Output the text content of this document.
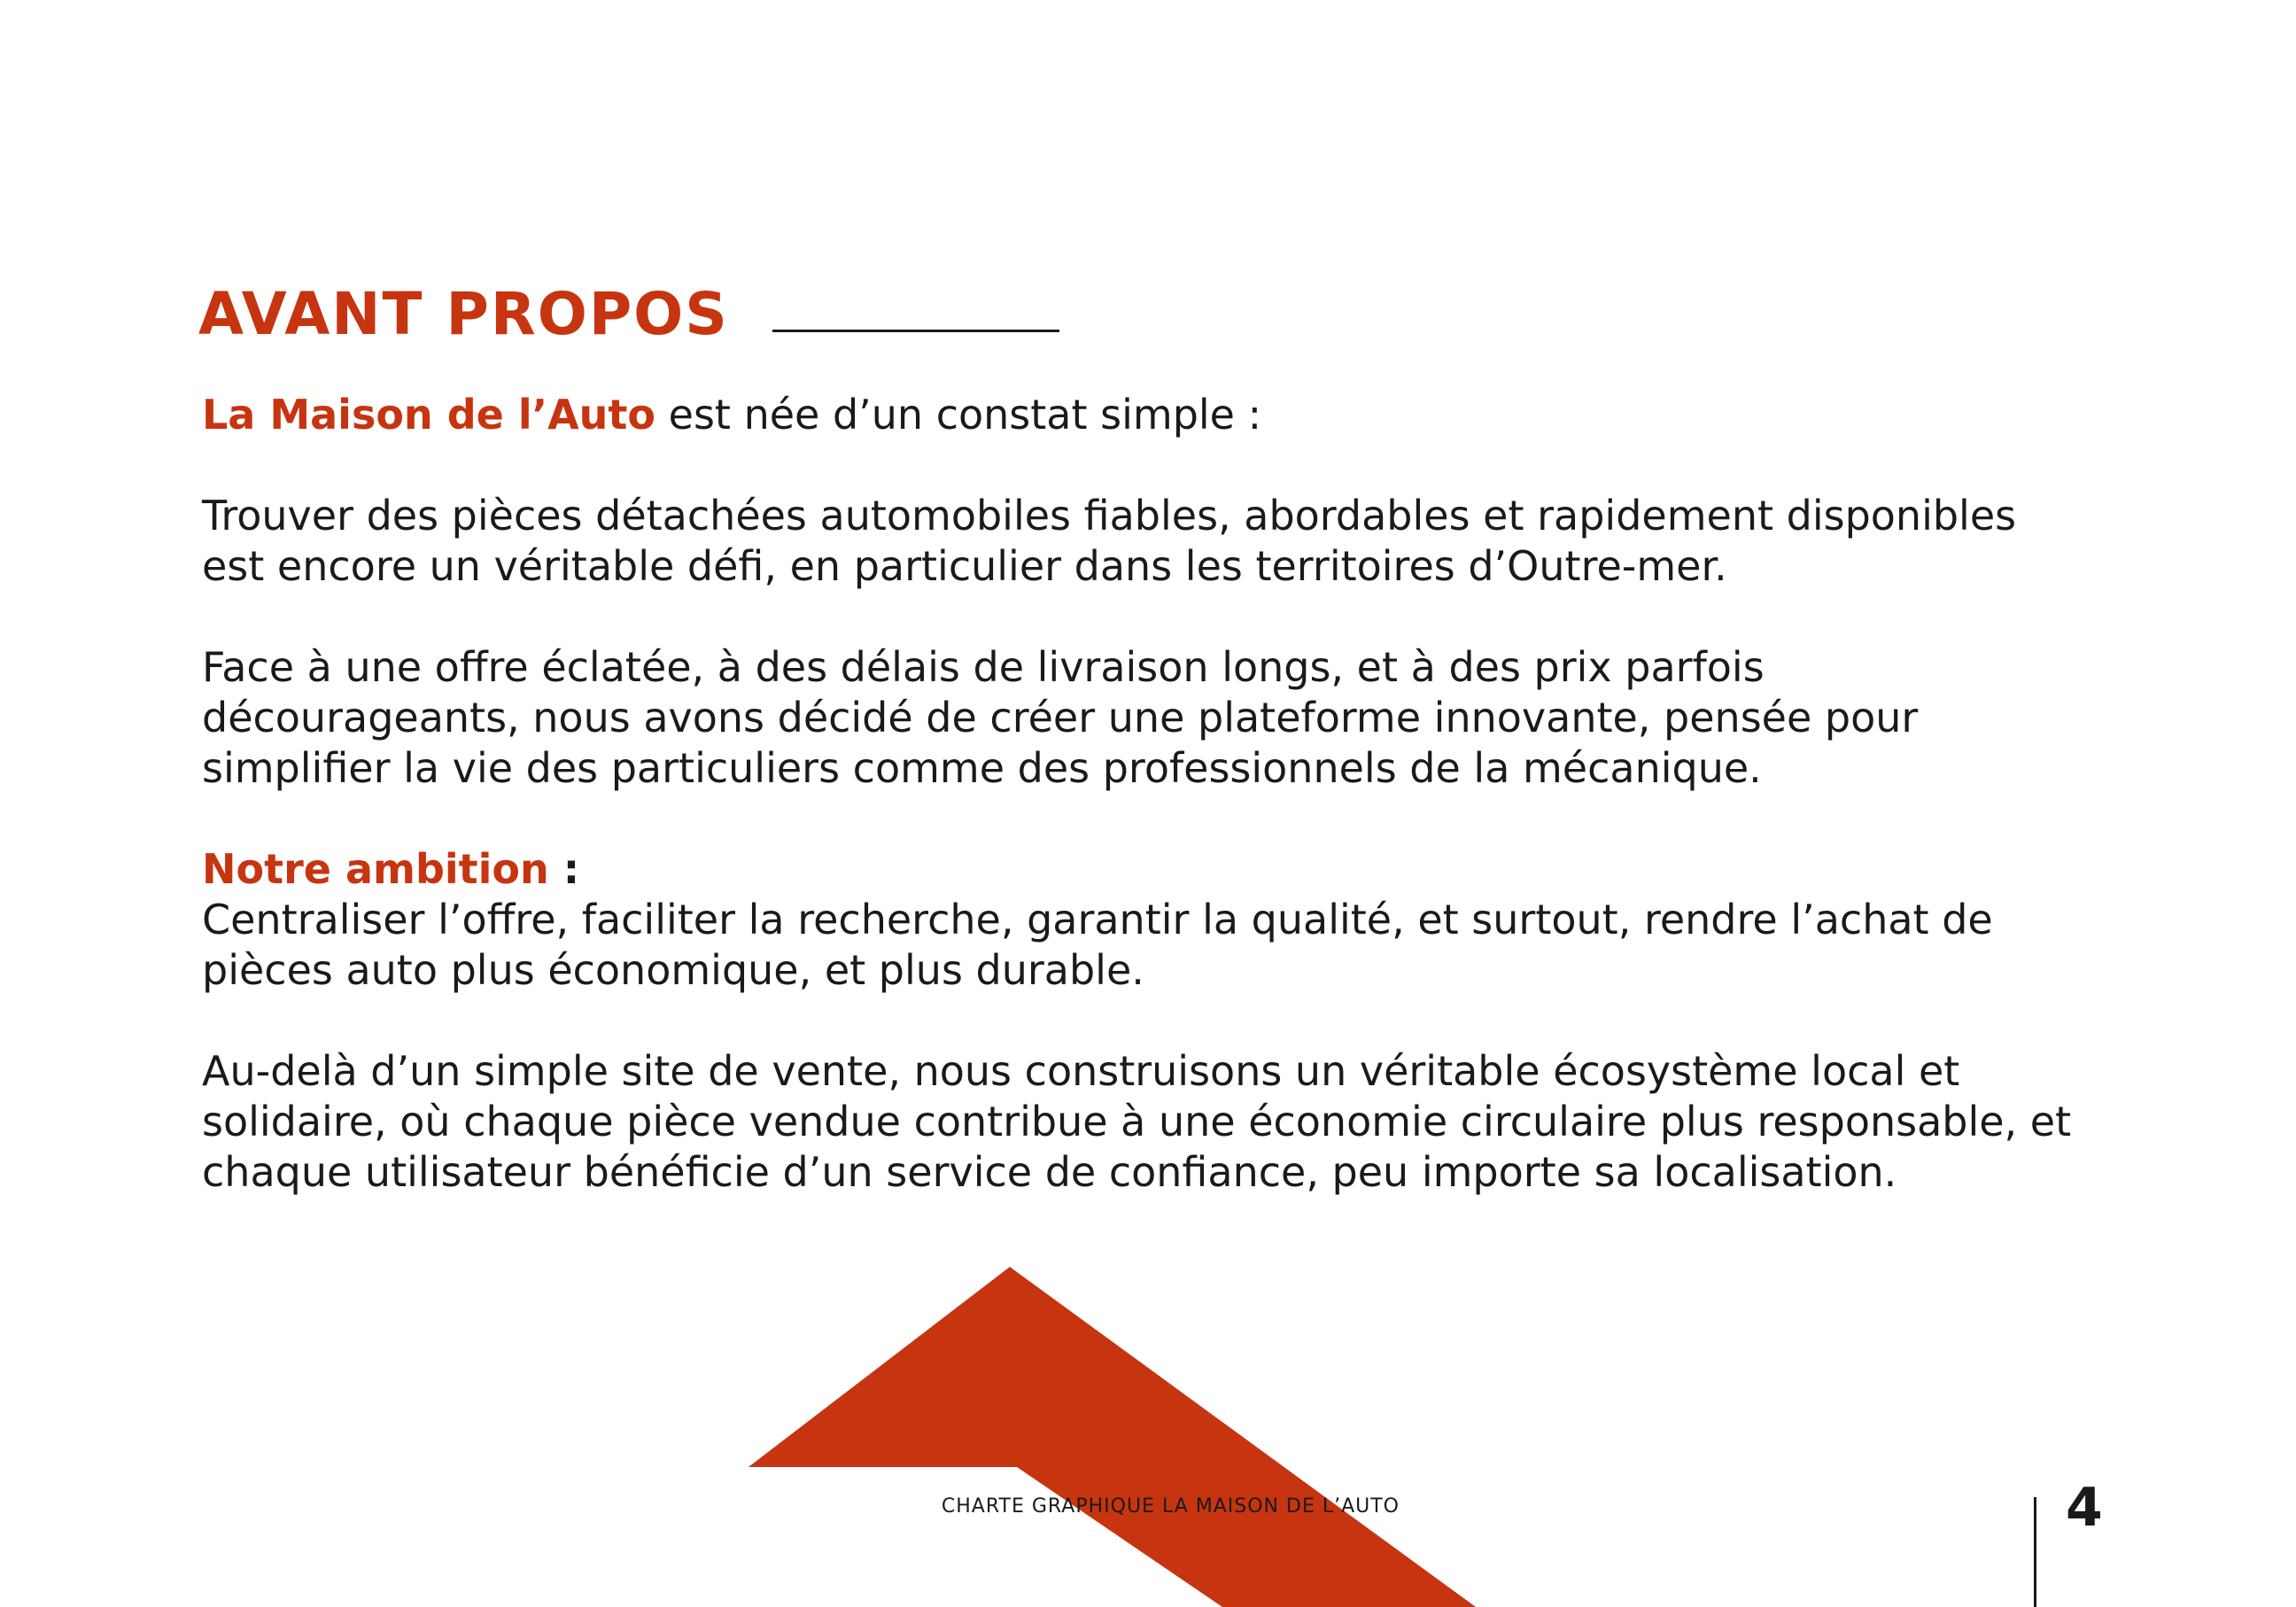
AVANT PROPOS

La Maison de l’Auto est née d’un constat simple :

Trouver des pièces détachées automobiles fiables, abordables et rapidement disponibles est encore un véritable défi, en particulier dans les territoires d’Outre-mer.

Face à une offre éclatée, à des délais de livraison longs, et à des prix parfois décourageants, nous avons décidé de créer une plateforme innovante, pensée pour simplifier la vie des particuliers comme des professionnels de la mécanique.

Notre ambition :

Centraliser l’offre, faciliter la recherche, garantir la qualité, et surtout, rendre l’achat de pièces auto plus économique, et plus durable.

Au-delà d’un simple site de vente, nous construisons un véritable écosystème local et solidaire, où chaque pièce vendue contribue à une économie circulaire plus responsable, et chaque utilisateur bénéficie d’un service de confiance, peu importe sa localisation.

CHARTE GRAPHIQUE LA MAISON DE L’AUTO	4
